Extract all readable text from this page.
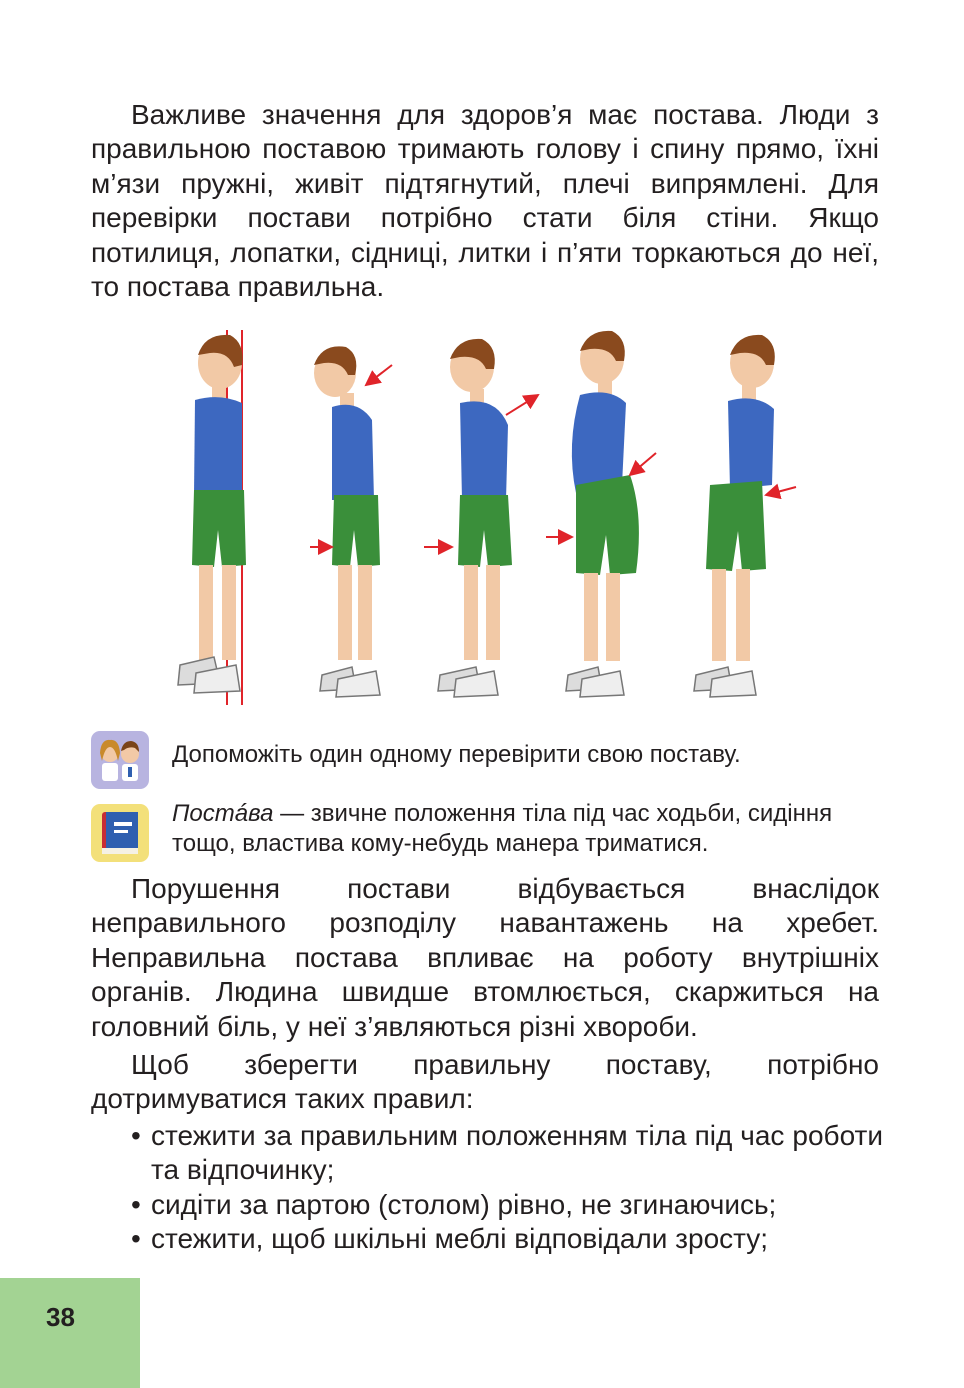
Важливе значення для здоров’я має постава. Люди з правильною поставою тримають голову і спину прямо, їхні м’язи пружні, живіт підтягнутий, плечі випрямлені. Для перевірки постави потрібно стати біля стіни. Якщо потилиця, лопатки, сідниці, литки і п’яти торкаються до неї, то постава правильна.

Допоможіть один одному перевірити свою поставу.

Постáва — звичне положення тіла під час ходьби, сидіння тощо, властива кому-небудь манера триматися.

Порушення постави відбувається внаслідок неправильного розподілу навантажень на хребет. Неправильна постава впливає на роботу внутрішніх органів. Людина швидше втомлюється, скаржиться на головний біль, у неї з’являються різні хвороби.

Щоб зберегти правильну поставу, потрібно дотримуватися таких правил:

• стежити за правильним положенням тіла під час роботи та відпочинку;
• сидіти за партою (столом) рівно, не згинаючись;
• стежити, щоб шкільні меблі відповідали зросту;
38
